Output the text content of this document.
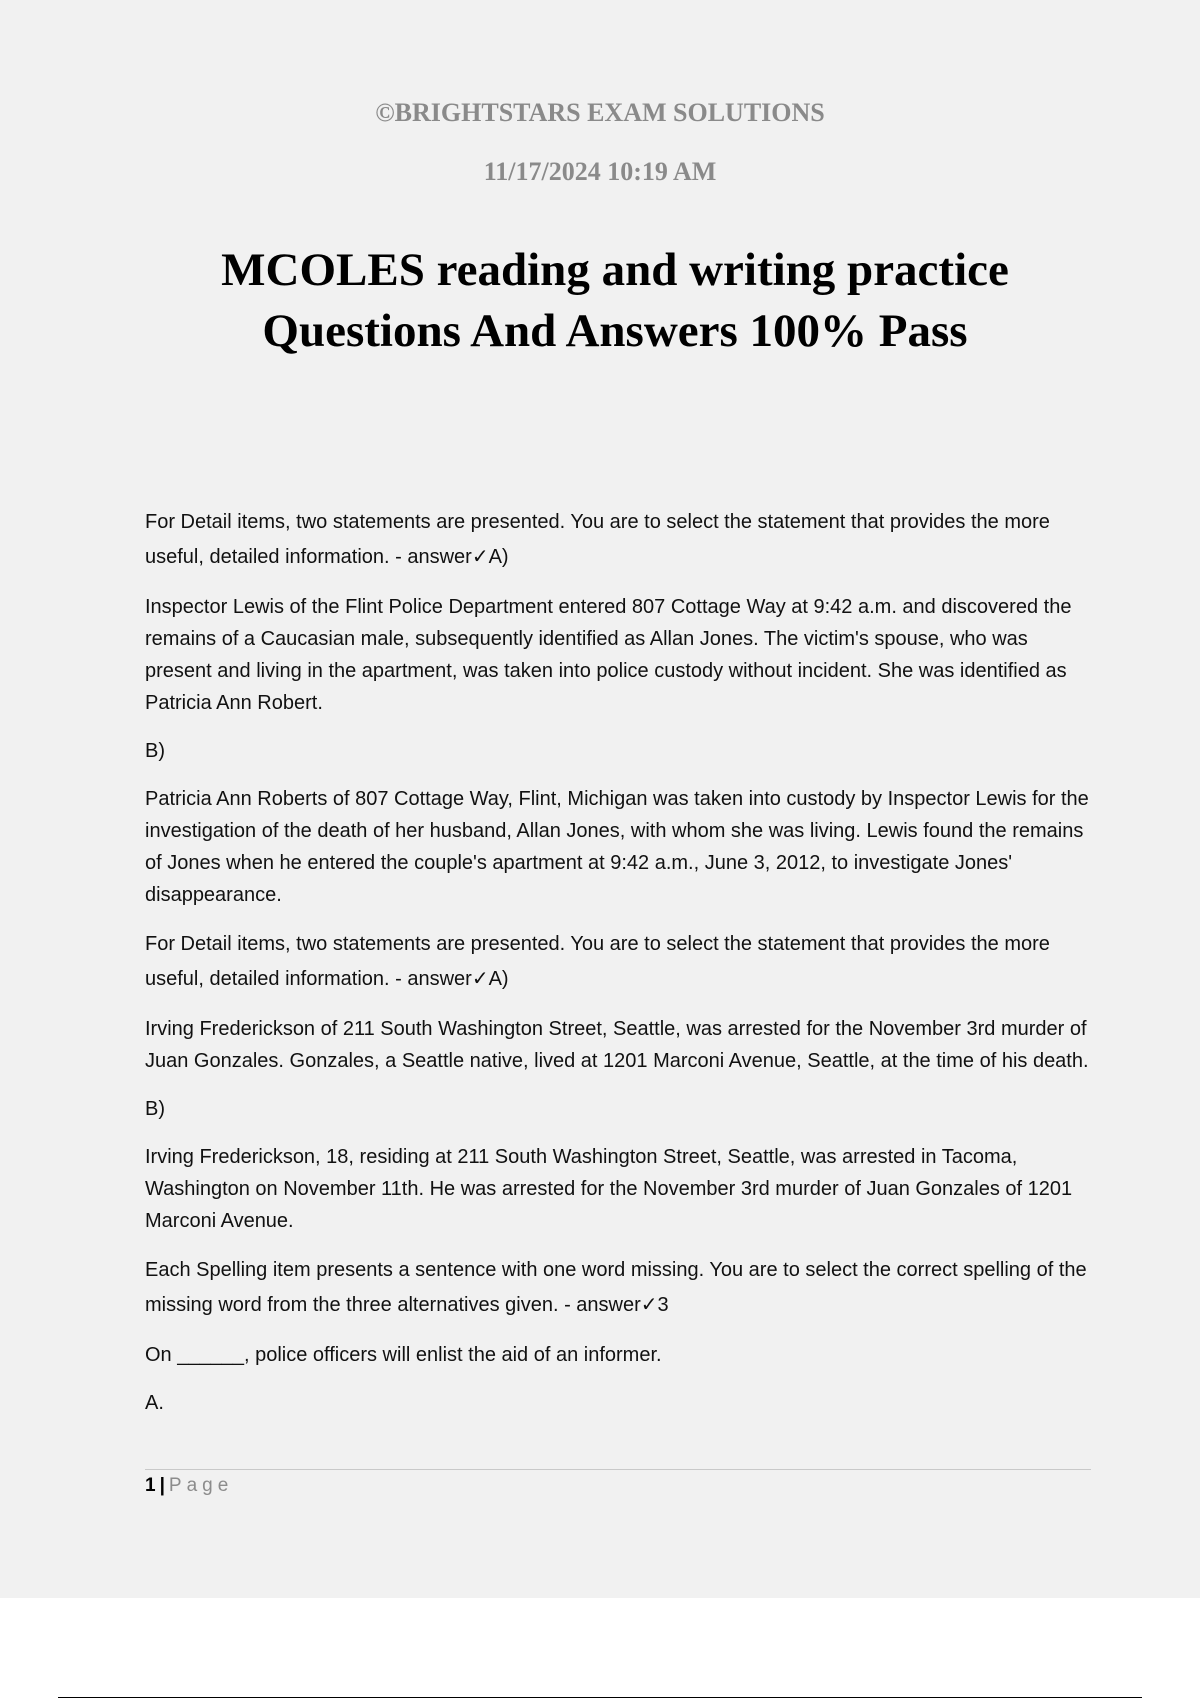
©BRIGHTSTARS EXAM SOLUTIONS

11/17/2024 10:19 AM

MCOLES reading and writing practice Questions And Answers 100% Pass

For Detail items, two statements are presented. You are to select the statement that provides the more useful, detailed information. - answer✓A)

Inspector Lewis of the Flint Police Department entered 807 Cottage Way at 9:42 a.m. and discovered the remains of a Caucasian male, subsequently identified as Allan Jones. The victim's spouse, who was present and living in the apartment, was taken into police custody without incident. She was identified as Patricia Ann Robert.

B)

Patricia Ann Roberts of 807 Cottage Way, Flint, Michigan was taken into custody by Inspector Lewis for the investigation of the death of her husband, Allan Jones, with whom she was living. Lewis found the remains of Jones when he entered the couple's apartment at 9:42 a.m., June 3, 2012, to investigate Jones' disappearance.

For Detail items, two statements are presented. You are to select the statement that provides the more useful, detailed information. - answer✓A)

Irving Frederickson of 211 South Washington Street, Seattle, was arrested for the November 3rd murder of Juan Gonzales. Gonzales, a Seattle native, lived at 1201 Marconi Avenue, Seattle, at the time of his death.

B)

Irving Frederickson, 18, residing at 211 South Washington Street, Seattle, was arrested in Tacoma, Washington on November 11th. He was arrested for the November 3rd murder of Juan Gonzales of 1201 Marconi Avenue.

Each Spelling item presents a sentence with one word missing. You are to select the correct spelling of the missing word from the three alternatives given. - answer✓3

On ______, police officers will enlist the aid of an informer.

A.

1 | Page
